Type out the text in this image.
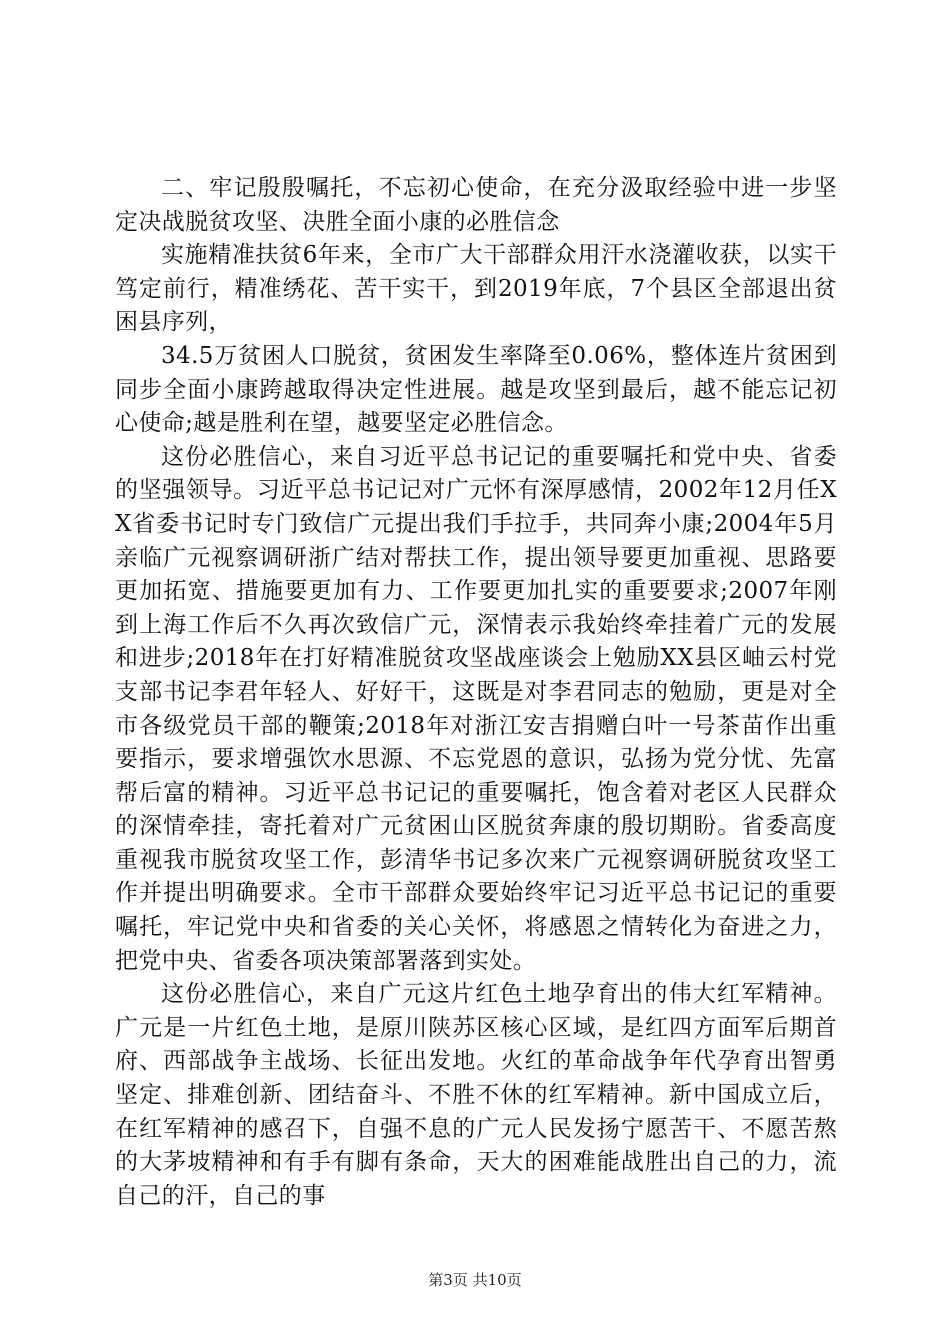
二、牢记殷殷嘱托，不忘初心使命，在充分汲取经验中进一步坚定决战脱贫攻坚、决胜全面小康的必胜信念

实施精准扶贫6年来，全市广大干部群众用汗水浇灌收获，以实干笃定前行，精准绣花、苦干实干，到2019年底，7个县区全部退出贫困县序列，

34.5万贫困人口脱贫，贫困发生率降至0.06%，整体连片贫困到同步全面小康跨越取得决定性进展。越是攻坚到最后，越不能忘记初心使命;越是胜利在望，越要坚定必胜信念。

这份必胜信心，来自习近平总书记记的重要嘱托和党中央、省委的坚强领导。习近平总书记记对广元怀有深厚感情，2002年12月任XX省委书记时专门致信广元提出我们手拉手，共同奔小康;2004年5月亲临广元视察调研浙广结对帮扶工作，提出领导要更加重视、思路要更加拓宽、措施要更加有力、工作要更加扎实的重要要求;2007年刚到上海工作后不久再次致信广元，深情表示我始终牵挂着广元的发展和进步;2018年在打好精准脱贫攻坚战座谈会上勉励XX县区岫云村党支部书记李君年轻人、好好干，这既是对李君同志的勉励，更是对全市各级党员干部的鞭策;2018年对浙江安吉捐赠白叶一号茶苗作出重要指示，要求增强饮水思源、不忘党恩的意识，弘扬为党分忧、先富帮后富的精神。习近平总书记记的重要嘱托，饱含着对老区人民群众的深情牵挂，寄托着对广元贫困山区脱贫奔康的殷切期盼。省委高度重视我市脱贫攻坚工作，彭清华书记多次来广元视察调研脱贫攻坚工作并提出明确要求。全市干部群众要始终牢记习近平总书记记的重要嘱托，牢记党中央和省委的关心关怀，将感恩之情转化为奋进之力，把党中央、省委各项决策部署落到实处。

这份必胜信心，来自广元这片红色土地孕育出的伟大红军精神。广元是一片红色土地，是原川陕苏区核心区域，是红四方面军后期首府、西部战争主战场、长征出发地。火红的革命战争年代孕育出智勇坚定、排难创新、团结奋斗、不胜不休的红军精神。新中国成立后，在红军精神的感召下，自强不息的广元人民发扬宁愿苦干、不愿苦熬的大茅坡精神和有手有脚有条命，天大的困难能战胜出自己的力，流自己的汗，自己的事

第3页 共10页
